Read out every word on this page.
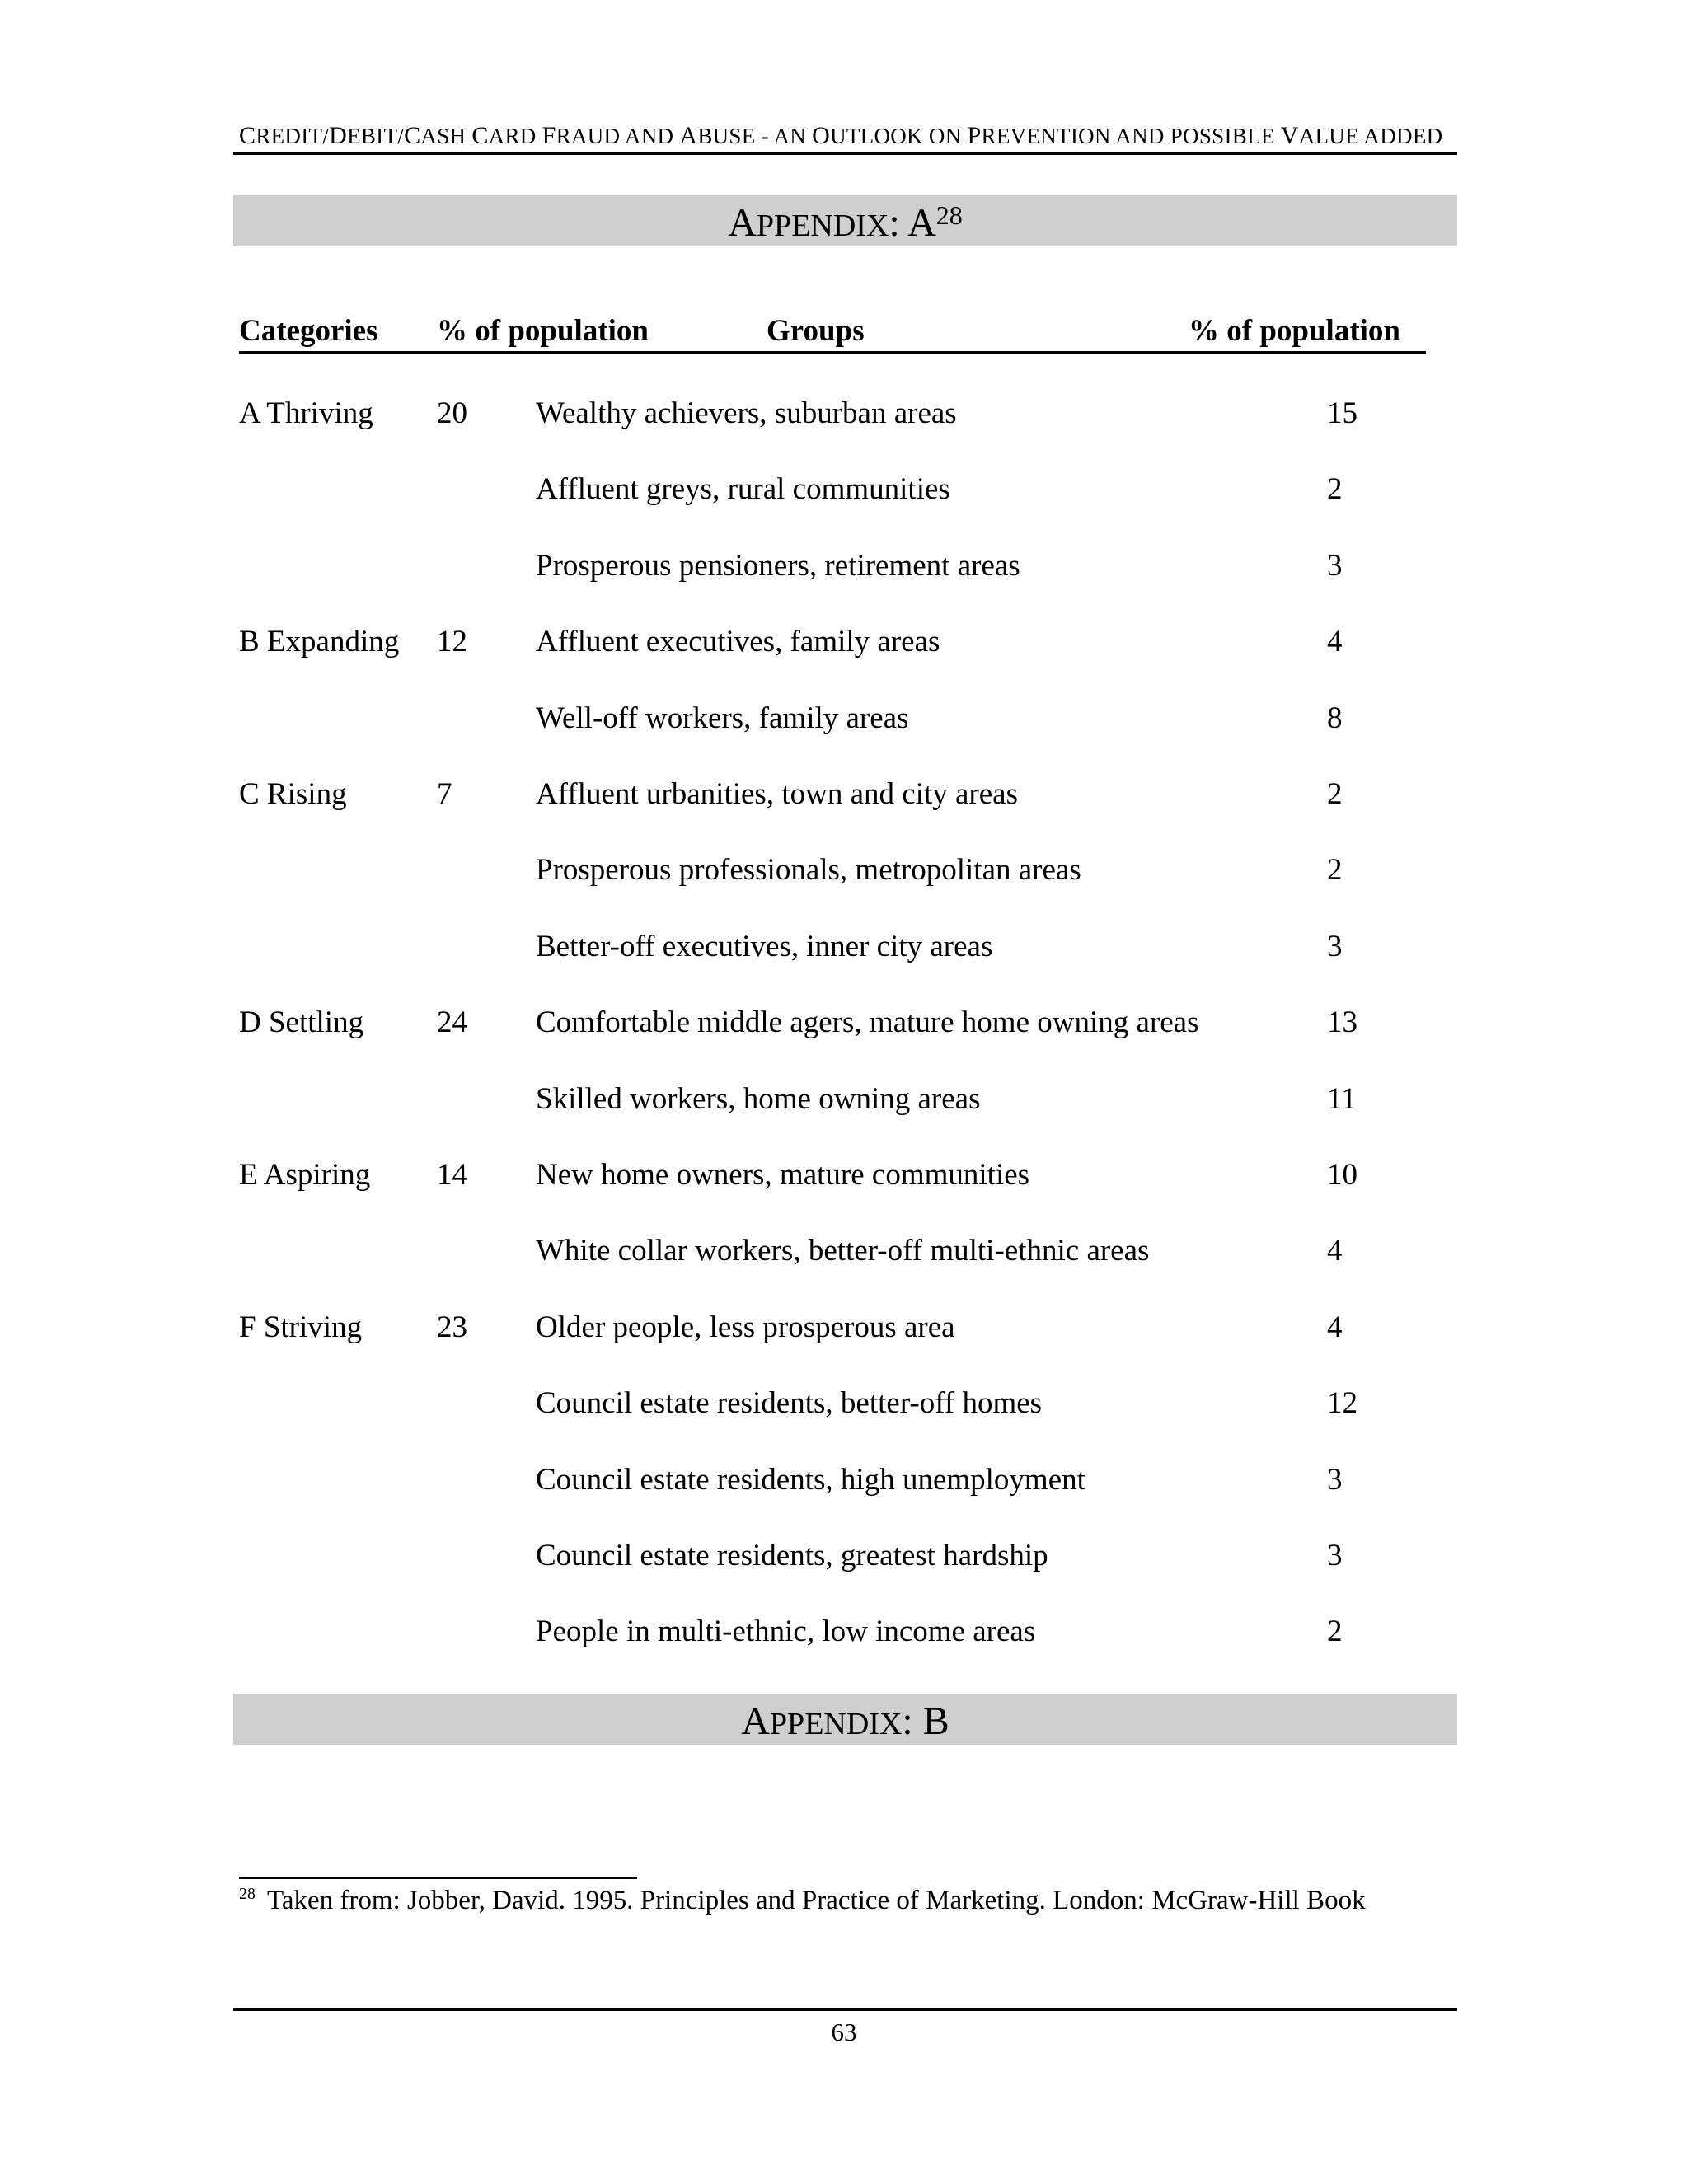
CREDIT/DEBIT/CASH CARD FRAUD AND ABUSE - AN OUTLOOK ON PREVENTION AND POSSIBLE VALUE ADDED
APPENDIX: $A^{28}$
Categories % of population	Groups	% of population
A Thriving 20 Wealthy achievers, suburban areas	15
Affluent greys, rural communities	2
Prosperous pensioners, retirement areas	3
B Expanding 12 Affluent executives, family areas	4
Well-off workers, family areas	8
C Rising	7	Affluent urbanities, town and city areas	2
Prosperous professionals, metropolitan areas	2
Better-off executives, inner city areas	3
D Settling 24 Comfortable middle agers, mature home owning areas	13
Skilled workers, home owning areas	11
E Aspiring 14 New home owners, mature communities	10
White collar workers, better-off multi-ethnic areas	4
F Striving 23 Older people, less prosperous area	4
Council estate residents, better-off homes	12
Council estate residents, high unemployment	3
Council estate residents, greatest hardship	3
People in multi-ethnic, low income areas	2
APPENDIX: B
$^{28}$ Taken from: Jobber, David. 1995. Principles and Practice of Marketing. London: McGraw-Hill Book
63
